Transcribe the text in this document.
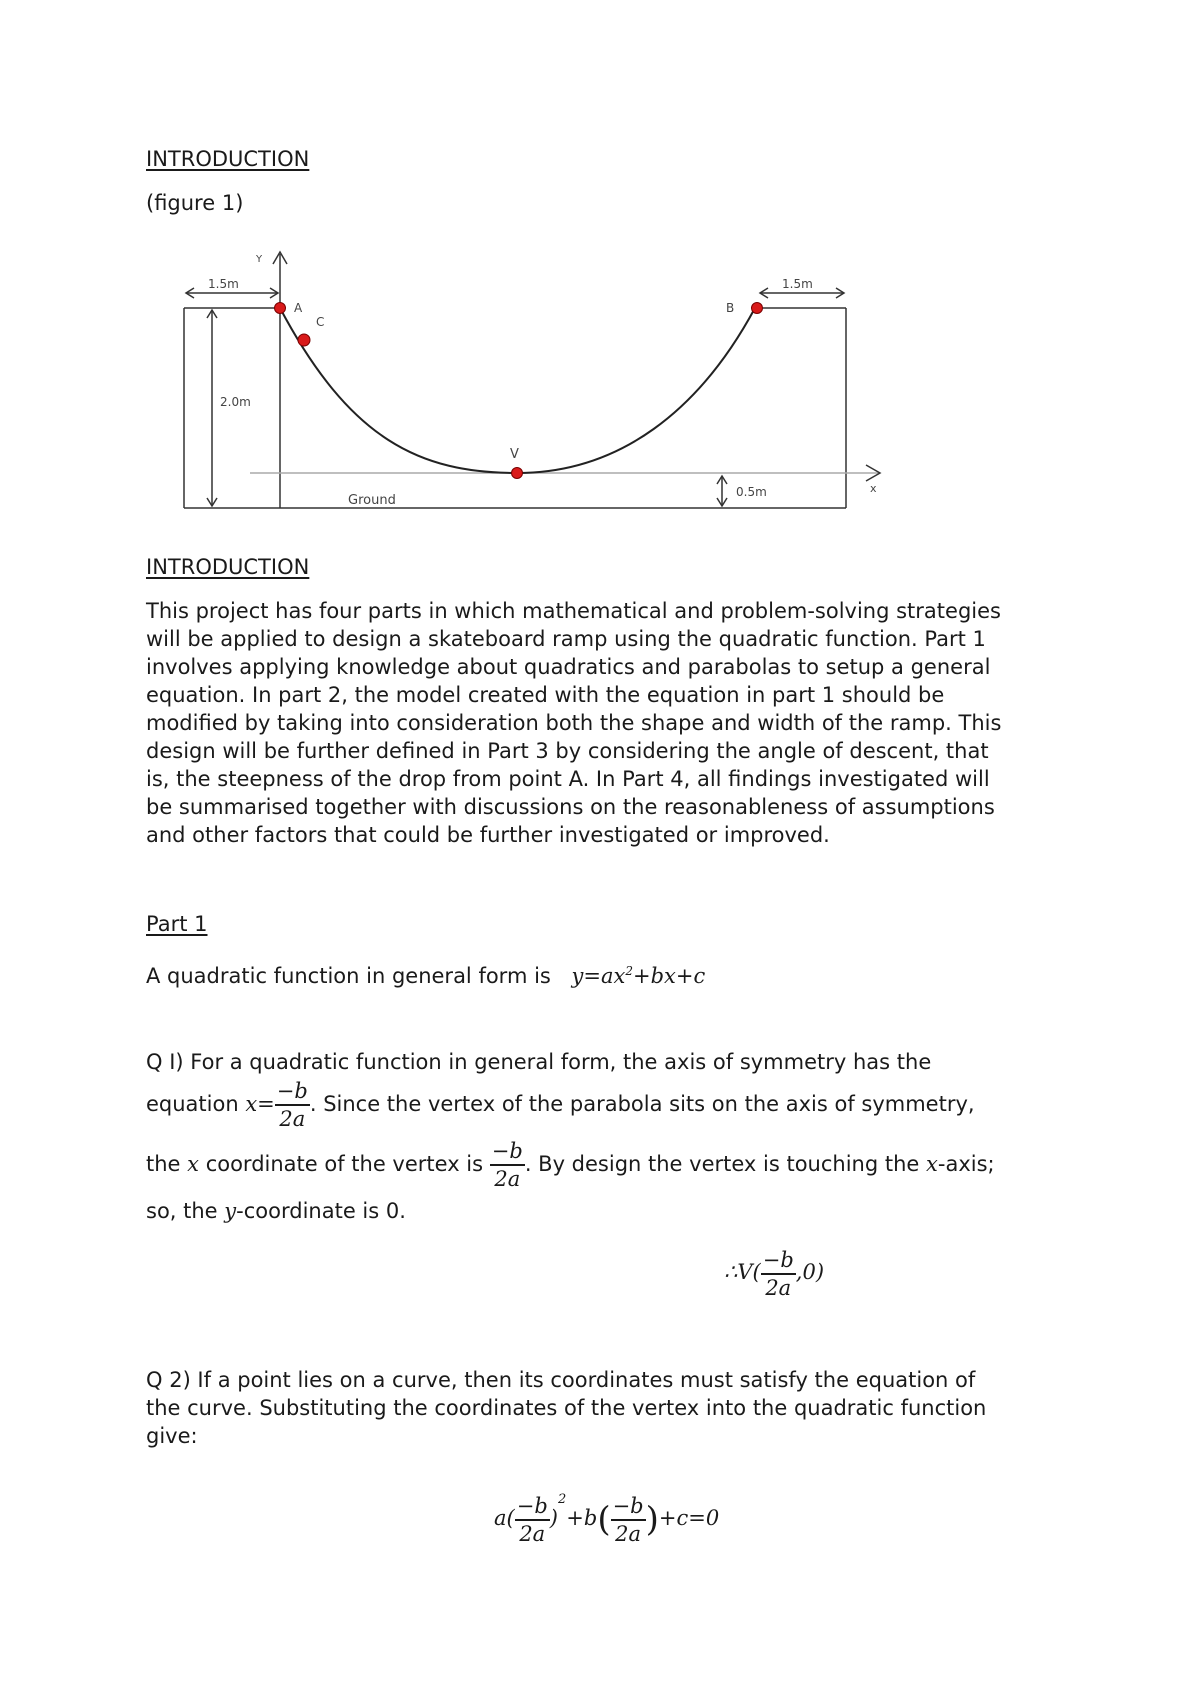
INTRODUCTION
(figure 1)
1.5m	1.5m
2.0m
0.5m
Ground
A
C
B
V
Y
x
INTRODUCTION
This project has four parts in which mathematical and problem-solving strategies
will be applied to design a skateboard ramp using the quadratic function. Part 1
involves applying knowledge about quadratics and parabolas to setup a general
equation. In part 2, the model created with the equation in part 1 should be
modified by taking into consideration both the shape and width of the ramp. This
design will be further defined in Part 3 by considering the angle of descent, that
is, the steepness of the drop from point A. In Part 4, all findings investigated will
be summarised together with discussions on the reasonableness of assumptions
and other factors that could be further investigated or improved.
Part 1
A quadratic function in general form is $y=ax^2+bx+c$
Q I) For a quadratic function in general form, the axis of symmetry has the
equation $x= \frac{-b}{2a}$ . Since the vertex of the parabola sits on the axis of symmetry,
the x coordinate of the vertex is $\frac{-b}{2a}$ . By design the vertex is touching the x-axis;
so, the y-coordinate is 0.
∴V( $\frac{-b}{2a} ,0$)
Q 2) If a point lies on a curve, then its coordinates must satisfy the equation of
the curve. Substituting the coordinates of the vertex into the quadratic function
give:
$a( \frac{-b}{2a} )^2+b( \frac{-b}{2a} )+c=0$
